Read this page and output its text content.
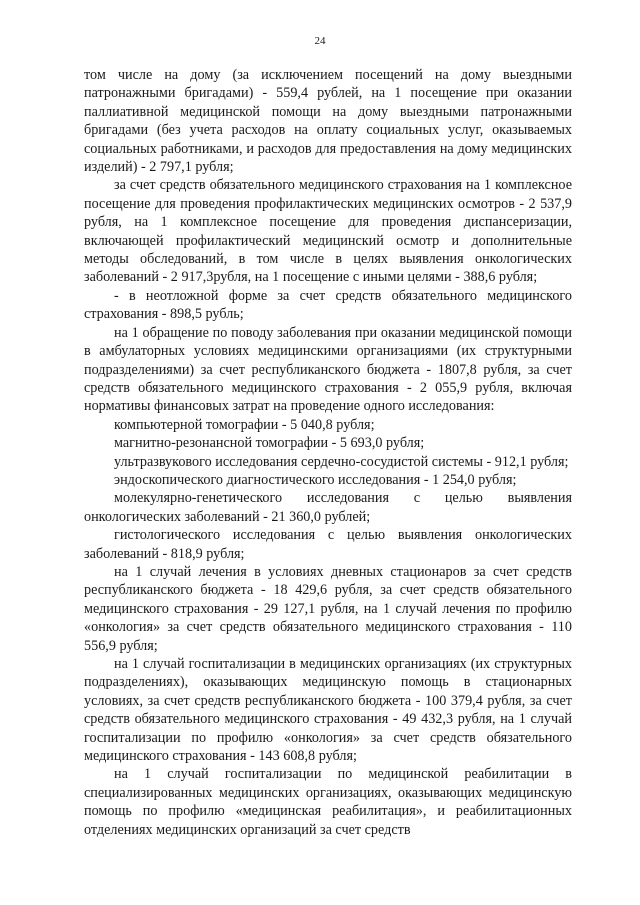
24

том числе на дому (за исключением посещений на дому выездными патронажными бригадами) - 559,4 рублей, на 1 посещение при оказании паллиативной медицинской помощи на дому выездными патронажными бригадами (без учета расходов на оплату социальных услуг, оказываемых социальных работниками, и расходов для предоставления на дому медицинских изделий) - 2 797,1 рубля;

за счет средств обязательного медицинского страхования на 1 комплексное посещение для проведения профилактических медицинских осмотров - 2 537,9 рубля, на 1 комплексное посещение для проведения диспансеризации, включающей профилактический медицинский осмотр и дополнительные методы обследований, в том числе в целях выявления онкологических заболеваний - 2 917,3рубля, на 1 посещение с иными целями - 388,6 рубля;

- в неотложной форме за счет средств обязательного медицинского страхования - 898,5 рубль;

на 1 обращение по поводу заболевания при оказании медицинской помощи в амбулаторных условиях медицинскими организациями (их структурными подразделениями) за счет республиканского бюджета - 1807,8 рубля, за счет средств обязательного медицинского страхования - 2 055,9 рубля, включая нормативы финансовых затрат на проведение одного исследования:

компьютерной томографии - 5 040,8 рубля;

магнитно-резонансной томографии - 5 693,0 рубля;

ультразвукового исследования сердечно-сосудистой системы - 912,1 рубля;

эндоскопического диагностического исследования - 1 254,0 рубля;

молекулярно-генетического исследования с целью выявления онкологических заболеваний - 21 360,0 рублей;

гистологического исследования с целью выявления онкологических заболеваний - 818,9 рубля;

на 1 случай лечения в условиях дневных стационаров за счет средств республиканского бюджета - 18 429,6 рубля, за счет средств обязательного медицинского страхования - 29 127,1 рубля, на 1 случай лечения по профилю «онкология» за счет средств обязательного медицинского страхования - 110 556,9 рубля;

на 1 случай госпитализации в медицинских организациях (их структурных подразделениях), оказывающих медицинскую помощь в стационарных условиях, за счет средств республиканского бюджета - 100 379,4 рубля, за счет средств обязательного медицинского страхования - 49 432,3 рубля, на 1 случай госпитализации по профилю «онкология» за счет средств обязательного медицинского страхования - 143 608,8 рубля;

на 1 случай госпитализации по медицинской реабилитации в специализированных медицинских организациях, оказывающих медицинскую помощь по профилю «медицинская реабилитация», и реабилитационных отделениях медицинских организаций за счет средств
